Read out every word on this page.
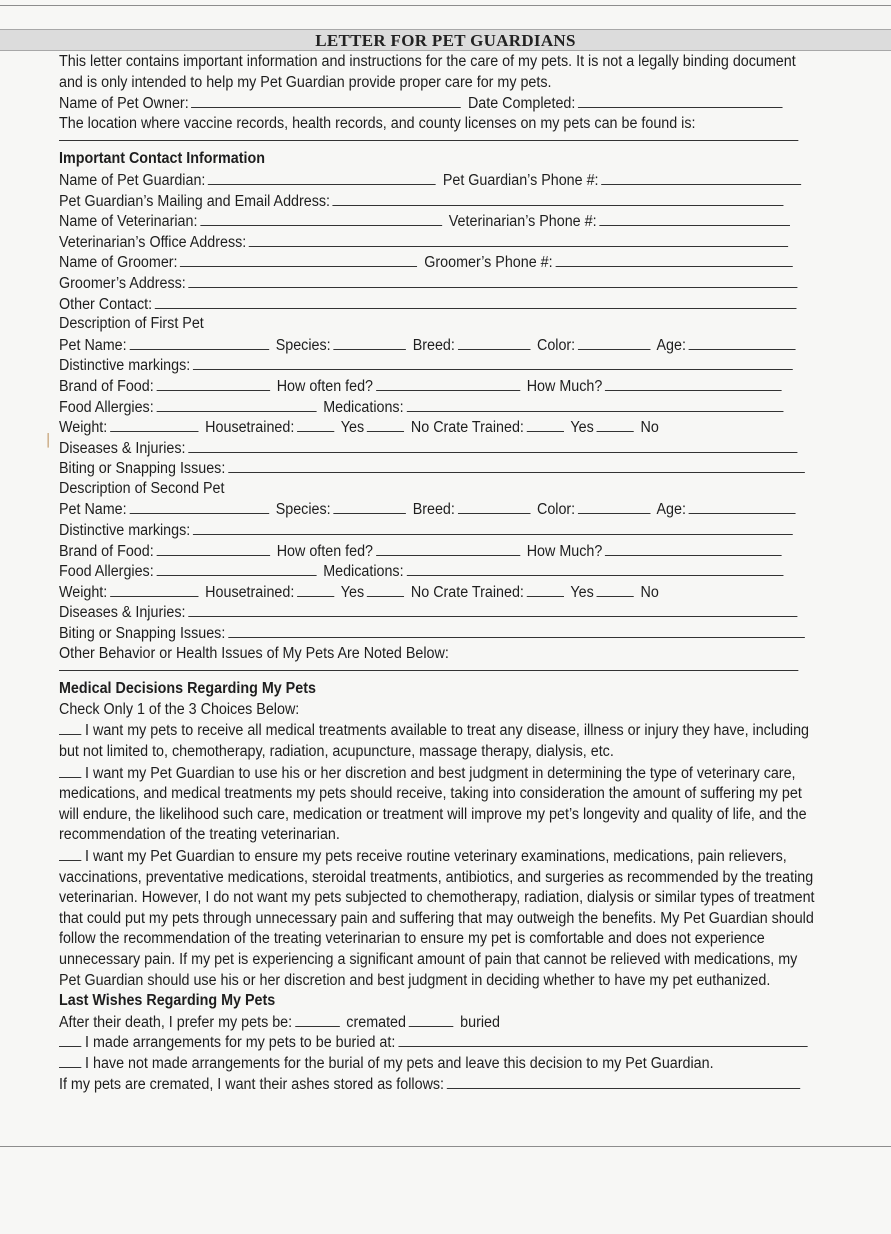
LETTER FOR PET GUARDIANS
│
This letter contains important information and instructions for the care of my pets. It is not a legally binding document and is only intended to help my Pet Guardian provide proper care for my pets.
Name of Pet Owner:	Date Completed:
The location where vaccine records, health records, and county licenses on my pets can be found is:
Important Contact Information
Name of Pet Guardian:	Pet Guardian’s Phone #:
Pet Guardian’s Mailing and Email Address:
Name of Veterinarian:	Veterinarian’s Phone #:
Veterinarian’s Office Address:
Name of Groomer:	Groomer’s Phone #:
Groomer’s Address:
Other Contact:
Description of First Pet
Pet Name:	Species:	Breed:	Color:	Age:
Distinctive markings:
Brand of Food:	How often fed?	How Much?
Food Allergies:	Medications:
Weight:	Housetrained:	Yes	No Crate Trained:	Yes	No
Diseases & Injuries:
Biting or Snapping Issues:
Description of Second Pet
Pet Name:	Species:	Breed:	Color:	Age:
Distinctive markings:
Brand of Food:	How often fed?	How Much?
Food Allergies:	Medications:
Weight:	Housetrained:	Yes	No Crate Trained:	Yes	No
Diseases & Injuries:
Biting or Snapping Issues:
Other Behavior or Health Issues of My Pets Are Noted Below:
Medical Decisions Regarding My Pets
Check Only 1 of the 3 Choices Below:
I want my pets to receive all medical treatments available to treat any disease, illness or injury they have, including but not limited to, chemotherapy, radiation, acupuncture, massage therapy, dialysis, etc.
I want my Pet Guardian to use his or her discretion and best judgment in determining the type of veterinary care, medications, and medical treatments my pets should receive, taking into consideration the amount of suffering my pet will endure, the likelihood such care, medication or treatment will improve my pet’s longevity and quality of life, and the recommendation of the treating veterinarian.
I want my Pet Guardian to ensure my pets receive routine veterinary examinations, medications, pain relievers, vaccinations, preventative medications, steroidal treatments, antibiotics, and surgeries as recommended by the treating veterinarian. However, I do not want my pets subjected to chemotherapy, radiation, dialysis or similar types of treatment that could put my pets through unnecessary pain and suffering that may outweigh the benefits. My Pet Guardian should follow the recommendation of the treating veterinarian to ensure my pet is comfortable and does not experience unnecessary pain. If my pet is experiencing a significant amount of pain that cannot be relieved with medications, my Pet Guardian should use his or her discretion and best judgment in deciding whether to have my pet euthanized.
Last Wishes Regarding My Pets
After their death, I prefer my pets be:	cremated	buried
I made arrangements for my pets to be buried at:
I have not made arrangements for the burial of my pets and leave this decision to my Pet Guardian.
If my pets are cremated, I want their ashes stored as follows:
